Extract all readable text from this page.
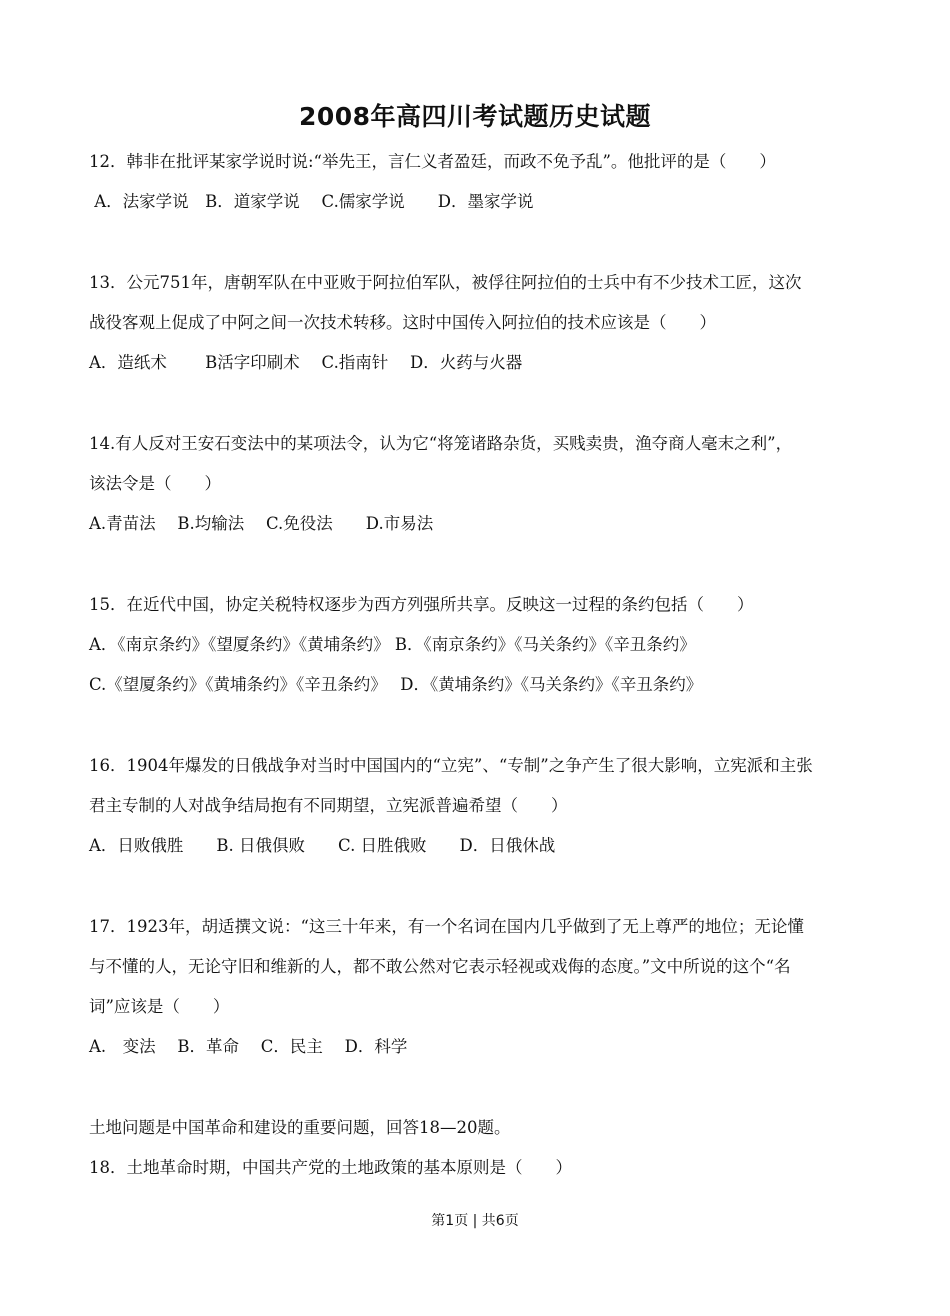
2008年高四川考试题历史试题
12．韩非在批评某家学说时说:“举先王，言仁义者盈廷，而政不免予乱”。他批评的是（　　）
A．法家学说　B．道家学说　 C.儒家学说　　D．墨家学说
13．公元751年，唐朝军队在中亚败于阿拉伯军队，被俘往阿拉伯的士兵中有不少技术工匠，这次
战役客观上促成了中阿之间一次技术转移。这时中国传入阿拉伯的技术应该是（　　）
A．造纸术　　 B活字印刷术　 C.指南针　 D．火药与火器
14.有人反对王安石变法中的某项法令，认为它“将笼诸路杂货，买贱卖贵，渔夺商人毫末之利”，
该法令是（　　）
A.青苗法　 B.均输法　 C.免役法　　D.市易法
15．在近代中国，协定关税特权逐步为西方列强所共享。反映这一过程的条约包括（　　）
A．《南京条约》《望厦条约》《黄埔条约》 B．《南京条约》《马关条约》《辛丑条约》
C.《望厦条约》《黄埔条约》《辛丑条约》　 D．《黄埔条约》《马关条约》《辛丑条约》
16．1904年爆发的日俄战争对当时中国国内的“立宪”、“专制”之争产生了很大影响，立宪派和主张
君主专制的人对战争结局抱有不同期望，立宪派普遍希望（　　）
A．日败俄胜　　B. 日俄俱败　　C. 日胜俄败　　D．日俄休战
17．1923年，胡适撰文说：“这三十年来，有一个名词在国内几乎做到了无上尊严的地位；无论懂
与不懂的人，无论守旧和维新的人，都不敢公然对它表示轻视或戏侮的态度。”文中所说的这个“名
词”应该是（　　）
A.　变法　 B．革命　 C．民主　 D．科学
土地问题是中国革命和建设的重要问题，回答18—20题。
18．土地革命时期，中国共产党的土地政策的基本原则是（　　）
第1页 | 共6页
